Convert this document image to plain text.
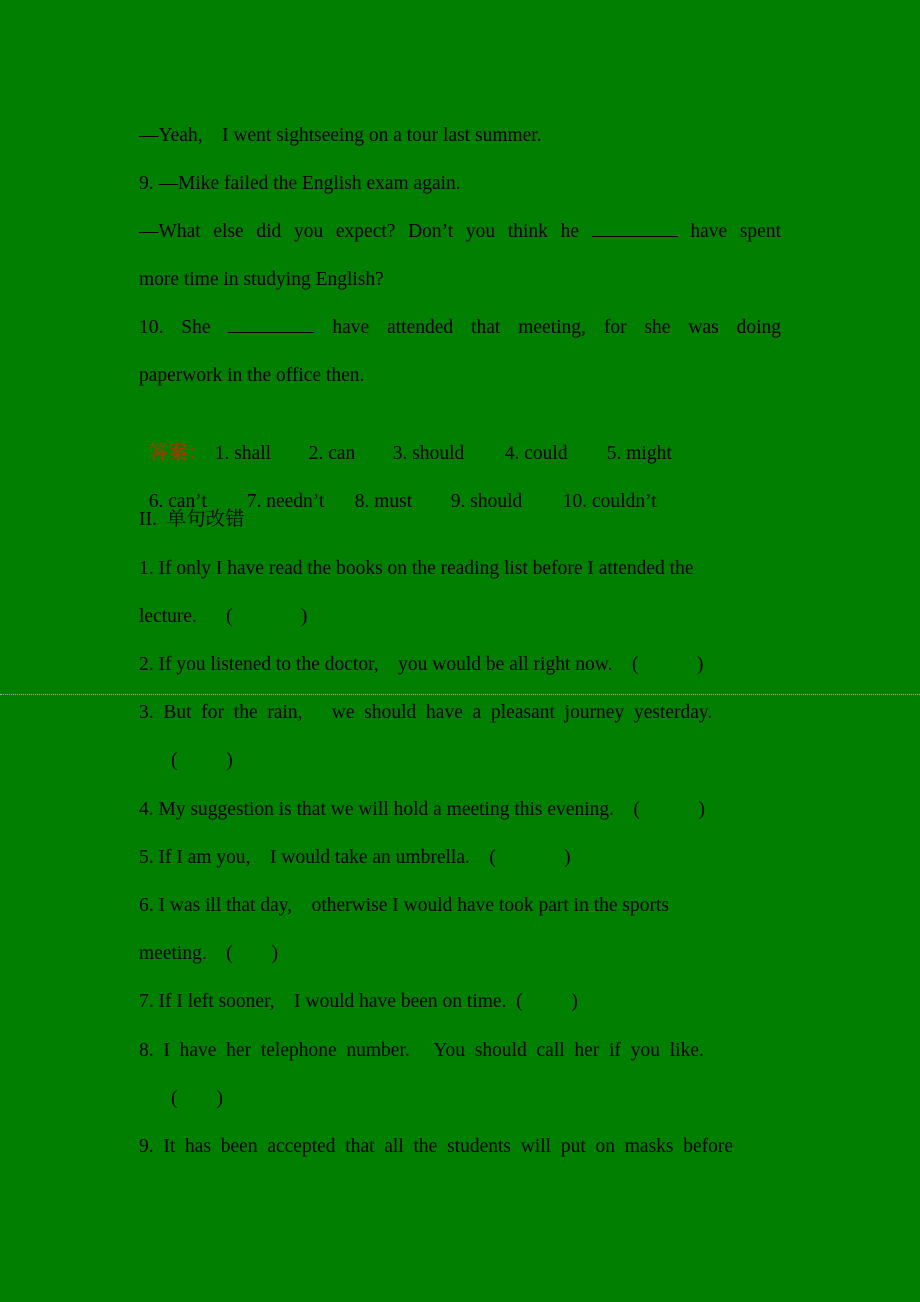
—Yeah,    I went sightseeing on a tour last summer.
9. —Mike failed the English exam again.
—What else did you expect? Don’t you think he	have spent
more time in studying English?
10. She	have attended that meeting, for she was doing
paperwork in the office then.

答案： 1. shall 2. can 3. should 4. could 5. might

6. can’t 7. needn’t 8. must 9. should 10. couldn’t

II.  单句改错
1. If only I have read the books on the reading list before I attended the
lecture.      (              )
2. If you listened to the doctor,    you would be all right now.    (            )
3.  But  for  the  rain,      we  should  have  a  pleasant  journey  yesterday.
(          )
4. My suggestion is that we will hold a meeting this evening.    (            )
5. If I am you,    I would take an umbrella.    (              )
6. I was ill that day,    otherwise I would have took part in the sports
meeting.    (        )
7. If I left sooner,    I would have been on time.  (          )
8.  I  have  her  telephone  number.     You  should  call  her  if  you  like.
(        )
9.  It  has  been  accepted  that  all  the  students  will  put  on  masks  before
